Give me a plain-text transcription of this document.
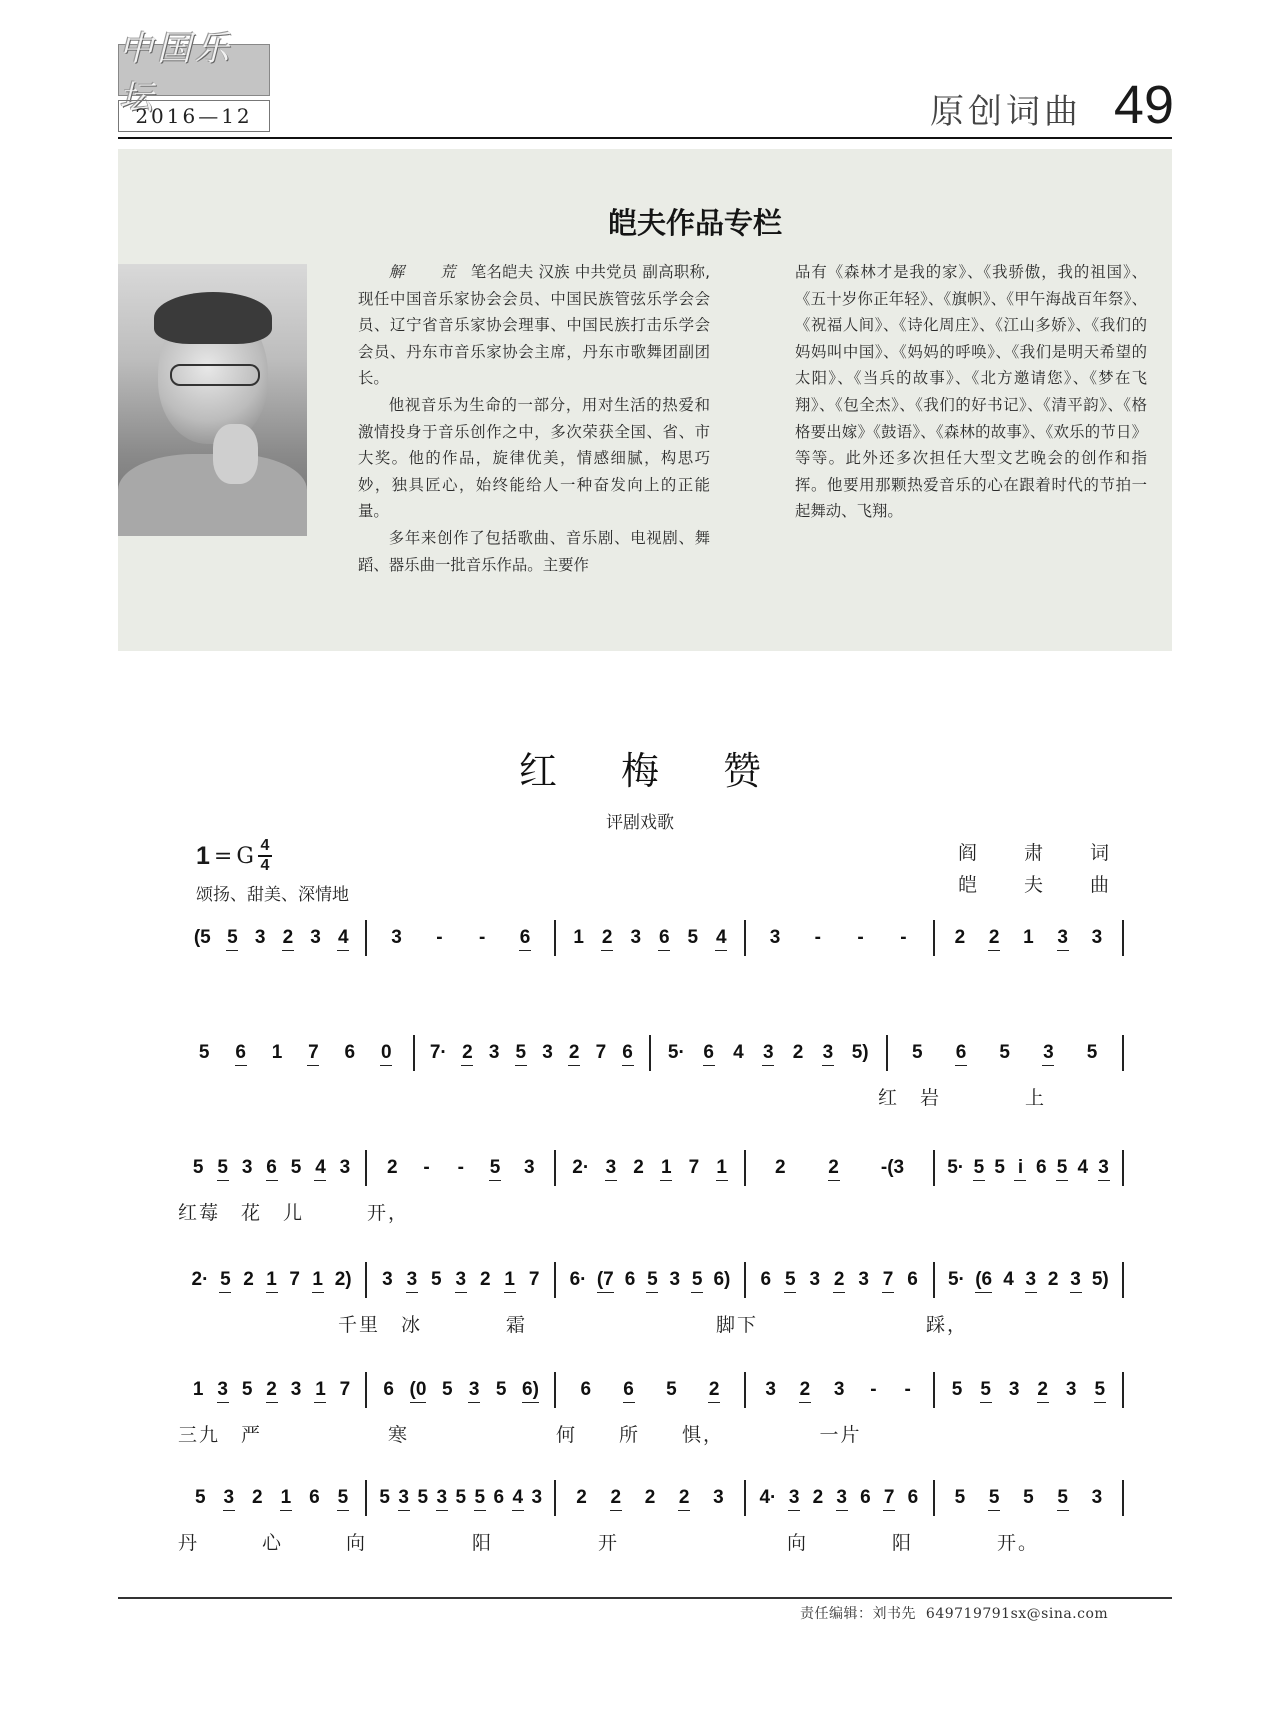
中国乐坛
2016—12	原创词曲 49
皑夫作品专栏

解　荒 笔名皑夫 汉族 中共党员 副高职称,现任中国音乐家协会会员、中国民族管弦乐学会会员、辽宁省音乐家协会理事、中国民族打击乐学会会员、丹东市音乐家协会主席，丹东市歌舞团副团长。

他视音乐为生命的一部分，用对生活的热爱和激情投身于音乐创作之中，多次荣获全国、省、市大奖。他的作品，旋律优美，情感细腻，构思巧妙，独具匠心，始终能给人一种奋发向上的正能量。

多年来创作了包括歌曲、音乐剧、电视剧、舞蹈、器乐曲一批音乐作品。主要作

品有《森林才是我的家》、《我骄傲，我的祖国》、《五十岁你正年轻》、《旗帜》、《甲午海战百年祭》、《祝福人间》、《诗化周庄》、《江山多娇》、《我们的妈妈叫中国》、《妈妈的呼唤》、《我们是明天希望的太阳》、《当兵的故事》、《北方邀请您》、《梦在飞翔》、《包全杰》、《我们的好书记》、《清平韵》、《格格要出嫁》《鼓语》、《森林的故事》、《欢乐的节日》等等。此外还多次担任大型文艺晚会的创作和指挥。他要用那颗热爱音乐的心在跟着时代的节拍一起舞动、飞翔。

红梅赞
评剧戏歌
1 = G $\frac{4}{4}$
颂扬、甜美、深情地
阎　肃　词
皑　夫　曲
(5 5 3 2 3 4 3 - - 6 1 2 3 6 5 4 3 - - -	2 2 1 3 3
5 6 1 7 6 0 7· 2 3 5 3 2 7 6 5· 6 4 3 2 3 5) 5 6 5 3 5
红　岩　　　　上
5 5 3 6 5 4 3 2 - - 5 3 2· 3 2 1 7 1	2 2 -(3 5· 5 5 i 6 5 4 3
红莓　花　儿　　　开，
2· 5 2 1 7 1 2) 3 3 5 3 2 1 7 6· (7 6 5 3 5 6) 6 5 3 2 3 7 6 5· (6 4 3 2 3 5)
千里　冰　　　　霜　　　　　　　　　脚下　　　　　　　　踩，
1 3 5 2 3 1 7 6 (0 5 3 5 6) 6 6 5 2 3 2 3 - - 5 5 3 2 3 5
三九　严　　　　　　寒　　　　　　　何　　所　　惧，　　　　　一片
5 3 2 1 6 5 5 3 5 3 5 5 6 4 3 2 2 2 2 3 4· 3 2 3 6 7 6 5 5 5 5 3
丹　　　心　　　向　　　　　阳　　　　　开　　　　　　　　向　　　　阳　　　　开。
责任编辑：刘书先 649719791sx@sina.com
